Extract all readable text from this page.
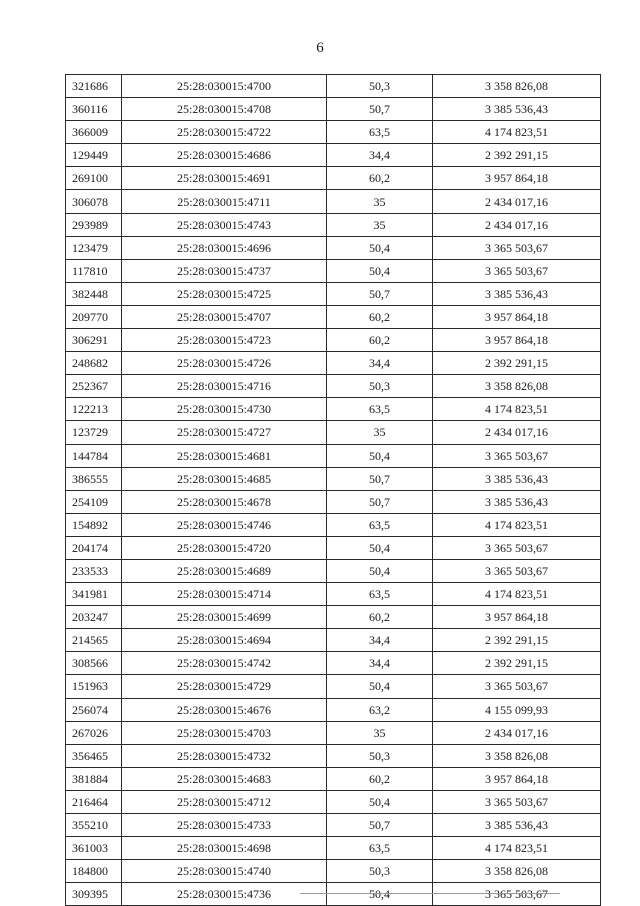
6
321686	25:28:030015:4700	50,3	3 358 826,08
360116	25:28:030015:4708	50,7	3 385 536,43
366009	25:28:030015:4722	63,5	4 174 823,51
129449	25:28:030015:4686	34,4	2 392 291,15
269100	25:28:030015:4691	60,2	3 957 864,18
306078	25:28:030015:4711	35	2 434 017,16
293989	25:28:030015:4743	35	2 434 017,16
123479	25:28:030015:4696	50,4	3 365 503,67
117810	25:28:030015:4737	50,4	3 365 503,67
382448	25:28:030015:4725	50,7	3 385 536,43
209770	25:28:030015:4707	60,2	3 957 864,18
306291	25:28:030015:4723	60,2	3 957 864,18
248682	25:28:030015:4726	34,4	2 392 291,15
252367	25:28:030015:4716	50,3	3 358 826,08
122213	25:28:030015:4730	63,5	4 174 823,51
123729	25:28:030015:4727	35	2 434 017,16
144784	25:28:030015:4681	50,4	3 365 503,67
386555	25:28:030015:4685	50,7	3 385 536,43
254109	25:28:030015:4678	50,7	3 385 536,43
154892	25:28:030015:4746	63,5	4 174 823,51
204174	25:28:030015:4720	50,4	3 365 503,67
233533	25:28:030015:4689	50,4	3 365 503,67
341981	25:28:030015:4714	63,5	4 174 823,51
203247	25:28:030015:4699	60,2	3 957 864,18
214565	25:28:030015:4694	34,4	2 392 291,15
308566	25:28:030015:4742	34,4	2 392 291,15
151963	25:28:030015:4729	50,4	3 365 503,67
256074	25:28:030015:4676	63,2	4 155 099,93
267026	25:28:030015:4703	35	2 434 017,16
356465	25:28:030015:4732	50,3	3 358 826,08
381884	25:28:030015:4683	60,2	3 957 864,18
216464	25:28:030015:4712	50,4	3 365 503,67
355210	25:28:030015:4733	50,7	3 385 536,43
361003	25:28:030015:4698	63,5	4 174 823,51
184800	25:28:030015:4740	50,3	3 358 826,08
309395	25:28:030015:4736	50,4	3 365 503,67
